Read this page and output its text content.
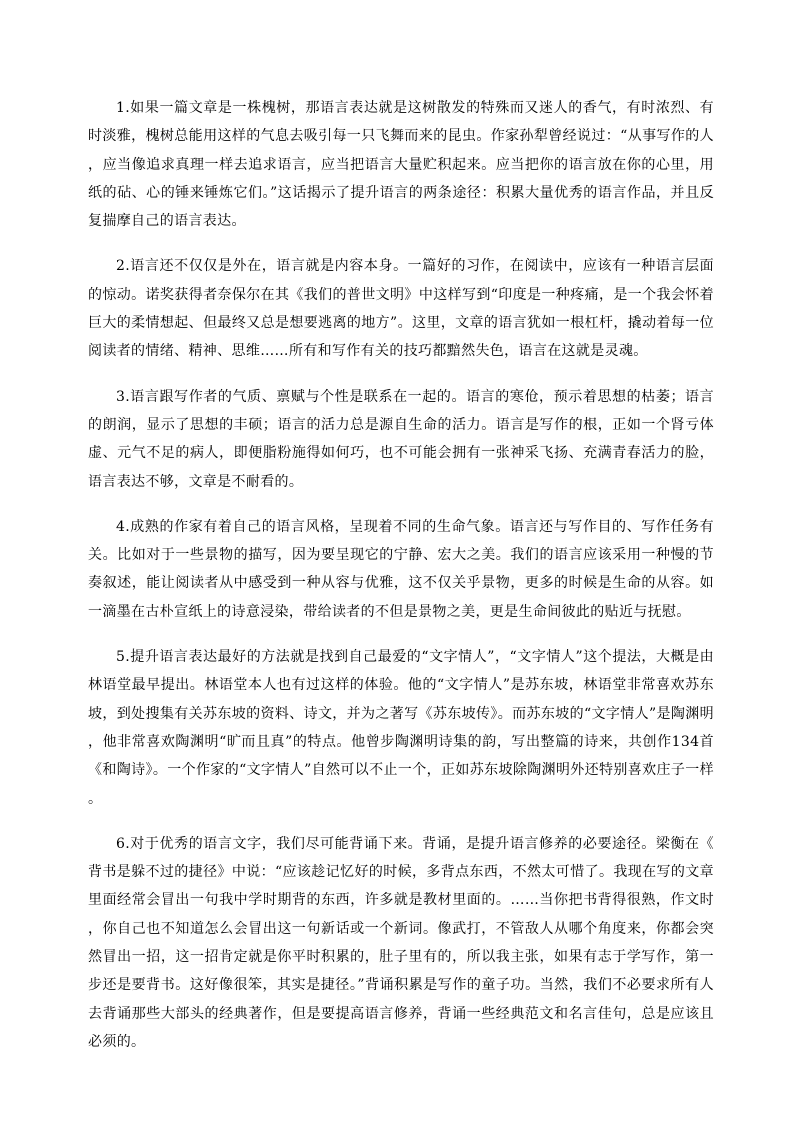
1.如果一篇文章是一株槐树，那语言表达就是这树散发的特殊而又迷人的香气，有时浓烈、有时淡雅，槐树总能用这样的气息去吸引每一只飞舞而来的昆虫。作家孙犁曾经说过：“从事写作的人，应当像追求真理一样去追求语言，应当把语言大量贮积起来。应当把你的语言放在你的心里，用纸的砧、心的锤来锤炼它们。”这话揭示了提升语言的两条途径：积累大量优秀的语言作品，并且反复揣摩自己的语言表达。

2.语言还不仅仅是外在，语言就是内容本身。一篇好的习作，在阅读中，应该有一种语言层面的惊动。诺奖获得者奈保尔在其《我们的普世文明》中这样写到“印度是一种疼痛，是一个我会怀着巨大的柔情想起、但最终又总是想要逃离的地方”。这里，文章的语言犹如一根杠杆，撬动着每一位阅读者的情绪、精神、思维……所有和写作有关的技巧都黯然失色，语言在这就是灵魂。

3.语言跟写作者的气质、禀赋与个性是联系在一起的。语言的寒伧，预示着思想的枯萎；语言的朗润，显示了思想的丰硕；语言的活力总是源自生命的活力。语言是写作的根，正如一个肾亏体虚、元气不足的病人，即便脂粉施得如何巧，也不可能会拥有一张神采飞扬、充满青春活力的脸，语言表达不够，文章是不耐看的。

4.成熟的作家有着自己的语言风格，呈现着不同的生命气象。语言还与写作目的、写作任务有关。比如对于一些景物的描写，因为要呈现它的宁静、宏大之美。我们的语言应该采用一种慢的节奏叙述，能让阅读者从中感受到一种从容与优雅，这不仅关乎景物，更多的时候是生命的从容。如一滴墨在古朴宣纸上的诗意浸染，带给读者的不但是景物之美，更是生命间彼此的贴近与抚慰。

5.提升语言表达最好的方法就是找到自己最爱的“文字情人”，“文字情人”这个提法，大概是由林语堂最早提出。林语堂本人也有过这样的体验。他的“文字情人”是苏东坡，林语堂非常喜欢苏东坡，到处搜集有关苏东坡的资料、诗文，并为之著写《苏东坡传》。而苏东坡的“文字情人”是陶渊明，他非常喜欢陶渊明“旷而且真”的特点。他曾步陶渊明诗集的韵，写出整篇的诗来，共创作134首《和陶诗》。一个作家的“文字情人”自然可以不止一个，正如苏东坡除陶渊明外还特别喜欢庄子一样。

6.对于优秀的语言文字，我们尽可能背诵下来。背诵，是提升语言修养的必要途径。梁衡在《背书是躲不过的捷径》中说：“应该趁记忆好的时候，多背点东西，不然太可惜了。我现在写的文章里面经常会冒出一句我中学时期背的东西，许多就是教材里面的。……当你把书背得很熟，作文时，你自己也不知道怎么会冒出这一句新话或一个新词。像武打，不管敌人从哪个角度来，你都会突然冒出一招，这一招肯定就是你平时积累的，肚子里有的，所以我主张，如果有志于学写作，第一步还是要背书。这好像很笨，其实是捷径。”背诵积累是写作的童子功。当然，我们不必要求所有人去背诵那些大部头的经典著作，但是要提高语言修养，背诵一些经典范文和名言佳句，总是应该且必须的。
